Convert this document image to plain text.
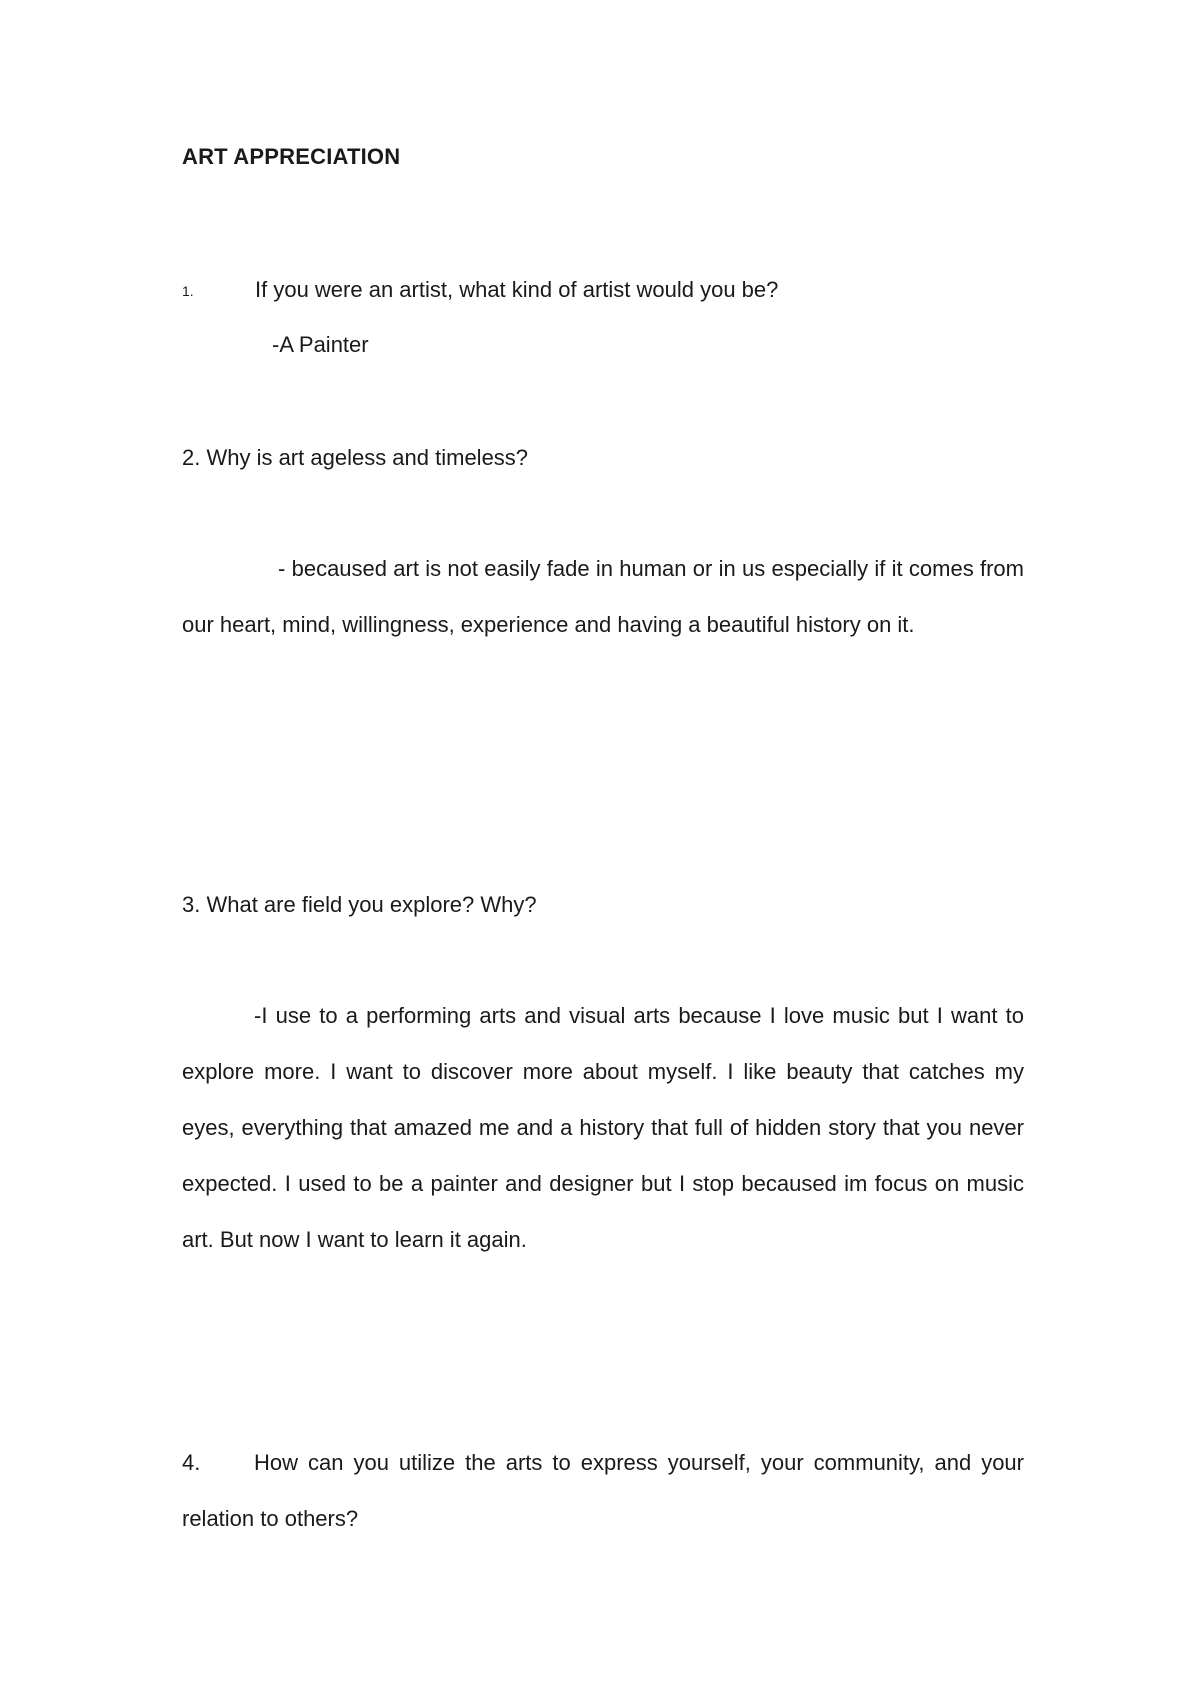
ART APPRECIATION
1.	If you were an artist, what kind of artist would you be?

-A Painter

2. Why is art ageless and timeless?

- becaused art is not easily fade in human or in us especially if it comes from our heart, mind, willingness, experience and having a beautiful history on it.

3. What are field you explore? Why?

-I use to a performing arts and visual arts because I love music but I want to explore more. I want to discover more about myself. I like beauty that catches my eyes, everything that amazed me and a history that full of hidden story that you never expected. I used to be a painter and designer but I stop becaused im focus on music art. But now I want to learn it again.

4.	How can you utilize the arts to express yourself, your community, and your relation to others?
